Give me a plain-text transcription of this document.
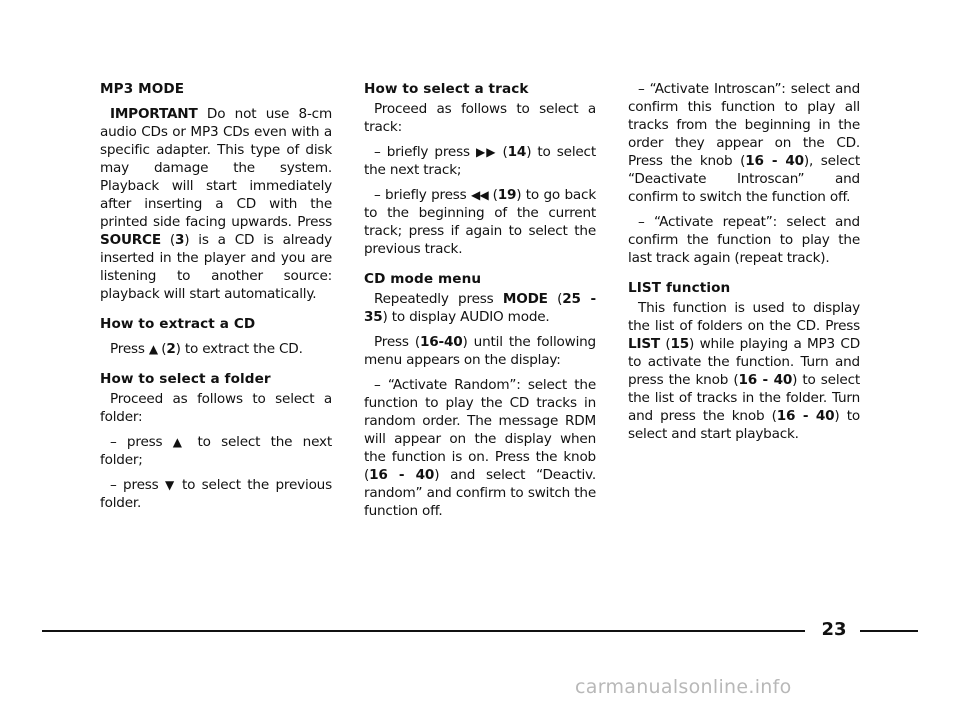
MP3 MODE

IMPORTANT Do not use 8-cm audio CDs or MP3 CDs even with a specific adapter. This type of disk may damage the system. Playback will start immediately after inserting a CD with the printed side facing upwards. Press SOURCE (3) is a CD is already inserted in the player and you are listening to another source: playback will start automatically.

How to extract a CD

Press ▲ (2) to extract the CD.

How to select a folder

Proceed as follows to select a folder:

– press ▲ to select the next folder;

– press ▼ to select the previous folder.

How to select a track

Proceed as follows to select a track:

– briefly press ▶▶ (14) to select the next track;

– briefly press ◀◀ (19) to go back to the beginning of the current track; press if again to select the previous track.

CD mode menu

Repeatedly press MODE (25 - 35) to display AUDIO mode.

Press (16-40) until the following menu appears on the display:

– “Activate Random”: select the function to play the CD tracks in random order. The message RDM will appear on the display when the function is on. Press the knob (16 - 40) and select “Deactiv. random” and confirm to switch the function off.

– “Activate Introscan”: select and confirm this function to play all tracks from the beginning in the order they appear on the CD. Press the knob (16 - 40), select “Deactivate Introscan” and confirm to switch the function off.

– “Activate repeat”: select and confirm the function to play the last track again (repeat track).

LIST function

This function is used to display the list of folders on the CD. Press LIST (15) while playing a MP3 CD to activate the function. Turn and press the knob (16 - 40) to select the list of tracks in the folder. Turn and press the knob (16 - 40) to select and start playback.

23
carmanualsonline.info
